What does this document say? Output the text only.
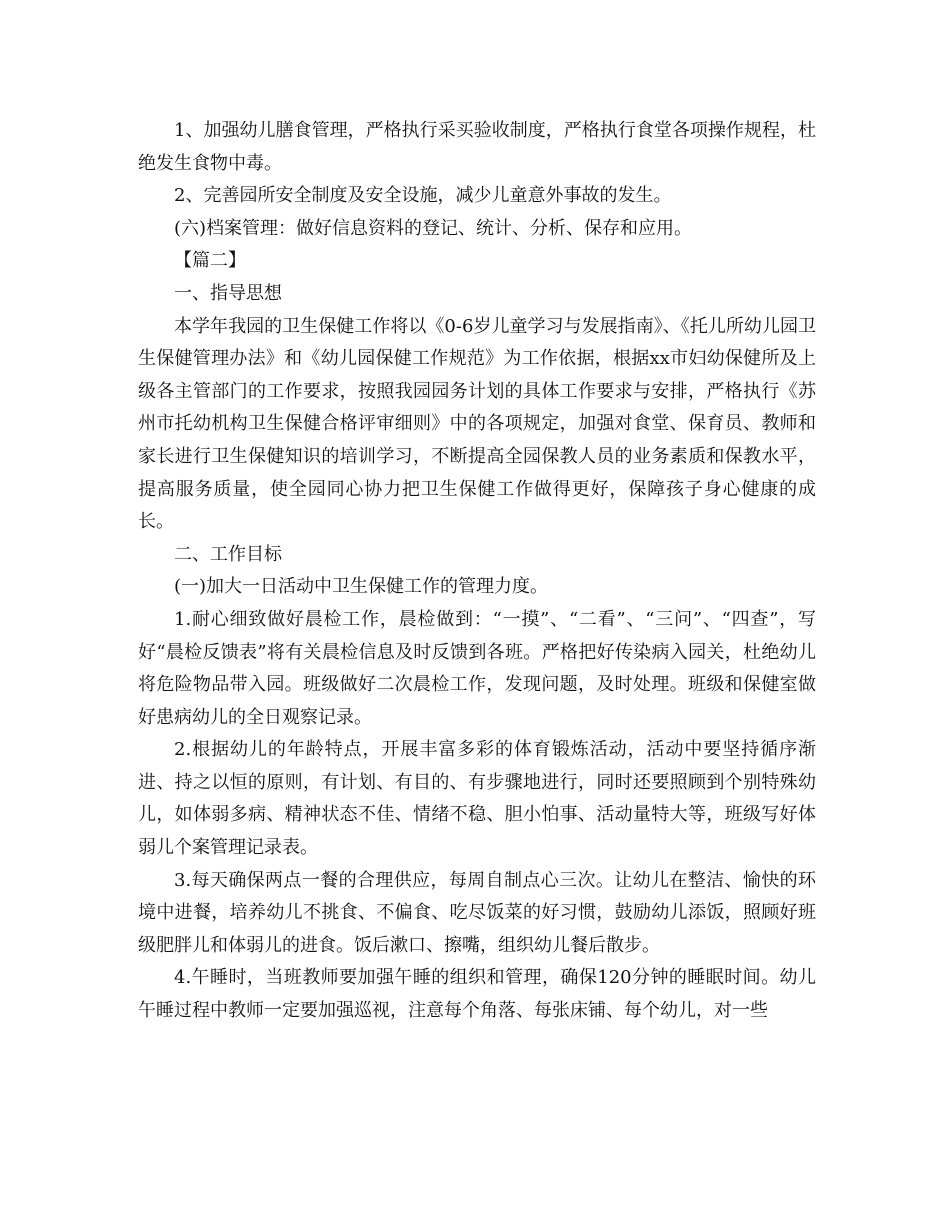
1、加强幼儿膳食管理，严格执行采买验收制度，严格执行食堂各项操作规程，杜绝发生食物中毒。

2、完善园所安全制度及安全设施，减少儿童意外事故的发生。

(六)档案管理：做好信息资料的登记、统计、分析、保存和应用。

【篇二】

一、指导思想

本学年我园的卫生保健工作将以《0-6岁儿童学习与发展指南》、《托儿所幼儿园卫生保健管理办法》和《幼儿园保健工作规范》为工作依据，根据xx市妇幼保健所及上级各主管部门的工作要求，按照我园园务计划的具体工作要求与安排，严格执行《苏州市托幼机构卫生保健合格评审细则》中的各项规定，加强对食堂、保育员、教师和家长进行卫生保健知识的培训学习，不断提高全园保教人员的业务素质和保教水平，提高服务质量，使全园同心协力把卫生保健工作做得更好，保障孩子身心健康的成长。

二、工作目标

(一)加大一日活动中卫生保健工作的管理力度。

1.耐心细致做好晨检工作，晨检做到：“一摸”、“二看”、“三问”、“四查”，写好“晨检反馈表”将有关晨检信息及时反馈到各班。严格把好传染病入园关，杜绝幼儿将危险物品带入园。班级做好二次晨检工作，发现问题，及时处理。班级和保健室做好患病幼儿的全日观察记录。

2.根据幼儿的年龄特点，开展丰富多彩的体育锻炼活动，活动中要坚持循序渐进、持之以恒的原则，有计划、有目的、有步骤地进行，同时还要照顾到个别特殊幼儿，如体弱多病、精神状态不佳、情绪不稳、胆小怕事、活动量特大等，班级写好体弱儿个案管理记录表。

3.每天确保两点一餐的合理供应，每周自制点心三次。让幼儿在整洁、愉快的环境中进餐，培养幼儿不挑食、不偏食、吃尽饭菜的好习惯，鼓励幼儿添饭，照顾好班级肥胖儿和体弱儿的进食。饭后漱口、擦嘴，组织幼儿餐后散步。

4.午睡时，当班教师要加强午睡的组织和管理，确保120分钟的睡眠时间。幼儿午睡过程中教师一定要加强巡视，注意每个角落、每张床铺、每个幼儿，对一些
